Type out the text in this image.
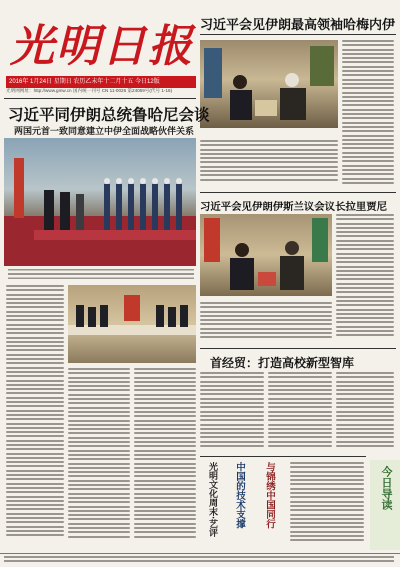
光明日报
2016年 1月24日 星期日 农历乙未年十二月十五 今日12版
光明网网址：http://www.gmw.cn 国内统一刊号 CN 11-0026 第24069号(代号 1-16)
习近平会见伊朗最高领袖哈梅内伊
习近平同伊朗总统鲁哈尼会谈
两国元首一致同意建立中伊全面战略伙伴关系
习近平会见伊朗伊斯兰议会议长拉里贾尼
首经贸：打造高校新型智库
光明文化周末·艺评 中国的技术支撑 与锦绣中国同行	今日导读
